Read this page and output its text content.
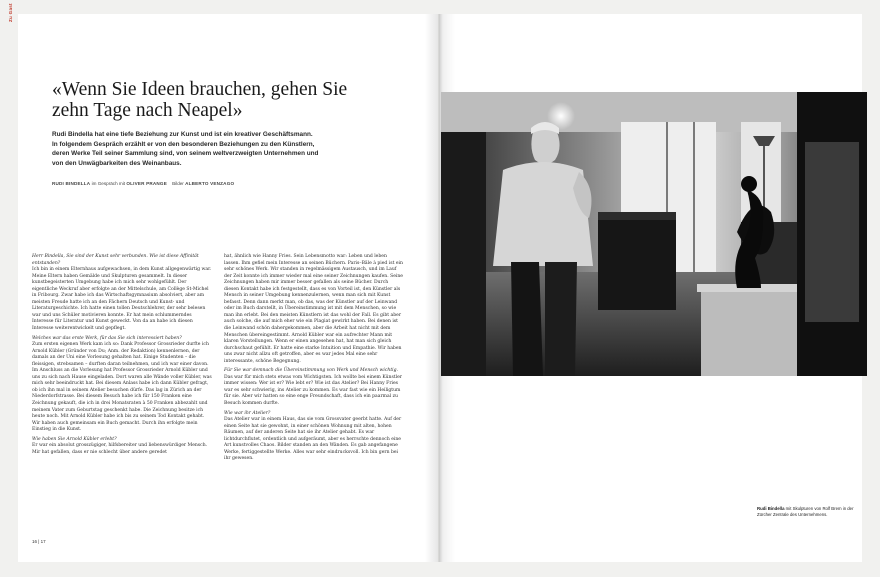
Zu Gast
«Wenn Sie Ideen brauchen, gehen Sie
zehn Tage nach Neapel»
Rudi Bindella hat eine tiefe Beziehung zur Kunst und ist ein kreativer Geschäftsmann.
In folgendem Gespräch erzählt er von den besonderen Beziehungen zu den Künstlern,
deren Werke Teil seiner Sammlung sind, von seinem weltverzweigten Unternehmen und
von den Unwägbarkeiten des Weinanbaus.
RUDI BINDELLA im Gespräch mit OLIVER PRANGE Bilder ALBERTO VENZAGO

Herr Bindella, Sie sind der Kunst sehr verbunden. Wie ist diese Affinität entstanden?

Ich bin in einem Elternhaus aufgewachsen, in dem Kunst allgegenwärtig war. Meine Eltern haben Gemälde und Skulpturen gesammelt. In dieser kunstbegeisterten Umgebung habe ich mich sehr wohlgefühlt. Der eigentliche Weckruf aber erfolgte an der Mittelschule, am Collège St-Michel in Fribourg. Zwar habe ich das Wirtschaftsgymnasium absolviert, aber am meisten Freude hatte ich an den Fächern Deutsch und Kunst- und Literaturgeschichte. Ich hatte einen tollen Deutschlehrer, der sehr belesen war und uns Schüler motivieren konnte. Er hat mein schlummerndes Interesse für Literatur und Kunst geweckt. Von da an habe ich diesen Interesse weiterentwickelt und gepflegt.

Welches war das erste Werk, für das Sie sich interessiert haben?

Zum ersten eigenen Werk kam ich so: Dank Professor Grossrieder durfte ich Arnold Kübler (Gründer von Du; Anm. der Redaktion) kennenlernen, der damals an der Uni eine Vorlesung gehalten hat. Einige Studenten – die fleissigen, strebsamen – durften daran teilnehmen, und ich war einer davon. Im Anschluss an die Vorlesung hat Professor Grossrieder Arnold Kübler und uns zu sich nach Hause eingeladen. Dort waren alle Wände voller Kübler, was mich sehr beeindruckt hat. Bei diesem Anlass habe ich dann Kübler gefragt, ob ich ihn mal in seinem Atelier besuchen dürfe. Das lag in Zürich an der Niederdorfstrasse. Bei diesem Besuch habe ich für 150 Franken eine Zeichnung gekauft, die ich in drei Monatsraten à 50 Franken abbezahlt und meinem Vater zum Geburtstag geschenkt habe. Die Zeichnung besitze ich heute noch. Mit Arnold Kübler habe ich bis zu seinem Tod Kontakt gehabt. Wir haben auch gemeinsam ein Buch gemacht. Durch ihn erfolgte mein Einstieg in die Kunst.

Wie haben Sie Arnold Kübler erlebt?

Er war ein absolut grosszügiger, hilfsbereiter und liebenswürdiger Mensch. Mir hat gefallen, dass er nie schlecht über andere geredet

hat, ähnlich wie Hanny Fries. Sein Lebensmotto war: Leben und leben lassen. Ihm gefiel mein Interesse an seinen Büchern. Paris–Bâle à pied ist ein sehr schönes Werk. Wir standen in regelmässigem Austausch, und im Lauf der Zeit konnte ich immer wieder mal eine seiner Zeichnungen kaufen. Seine Zeichnungen haben mir immer besser gefallen als seine Bücher. Durch diesen Kontakt habe ich festgestellt, dass es von Vorteil ist, den Künstler als Mensch in seiner Umgebung kennenzulernen, wenn man sich mit Kunst befasst. Denn dann merkt man, ob das, was der Künstler auf der Leinwand oder im Buch darstellt, in Übereinstimmung ist mit dem Menschen, so wie man ihn erlebt. Bei den meisten Künstlern ist das wohl der Fall. Es gibt aber auch solche, die auf mich eher wie ein Plagiat gewirkt haben. Bei denen ist die Leinwand schön dahergekommen, aber die Arbeit hat nicht mit dem Menschen übereingestimmt. Arnold Kübler war ein aufrechter Mann mit klaren Vorstellungen. Wenn er einen angesehen hat, hat man sich gleich durchschaut gefühlt. Er hatte eine starke Intuition und Empathie. Wir haben uns zwar nicht allzu oft getroffen, aber es war jedes Mal eine sehr interessante, schöne Begegnung.

Für Sie war demnach die Übereinstimmung von Werk und Mensch wichtig.

Das war für mich stets etwas vom Wichtigsten. Ich wollte bei einem Künstler immer wissen: Wer ist er? Wie lebt er? Wie ist das Atelier? Bei Hanny Fries war es sehr schwierig, ins Atelier zu kommen. Es war fast wie ein Heiligtum für sie. Aber wir hatten so eine enge Freundschaft, dass ich ein paarmal zu Besuch kommen durfte.

Wie war ihr Atelier?

Das Atelier war in einem Haus, das sie vom Grossvater geerbt hatte. Auf der einen Seite hat sie gewohnt, in einer schönen Wohnung mit alten, hohen Räumen, auf der anderen Seite hat sie ihr Atelier gehabt. Es war lichtdurchflutet, ordentlich und aufgeräumt, aber es herrschte dennoch eine Art kunstvolles Chaos. Bilder standen an den Wänden. Es gab angefangene Werke, fertiggestellte Werke. Alles war sehr eindrucksvoll. Ich bin gern bei ihr gewesen.

16 | 17
Rudi Bindella mit Skulpturen von Rolf Brem in der Zürcher Zentrale des Unternehmens.
